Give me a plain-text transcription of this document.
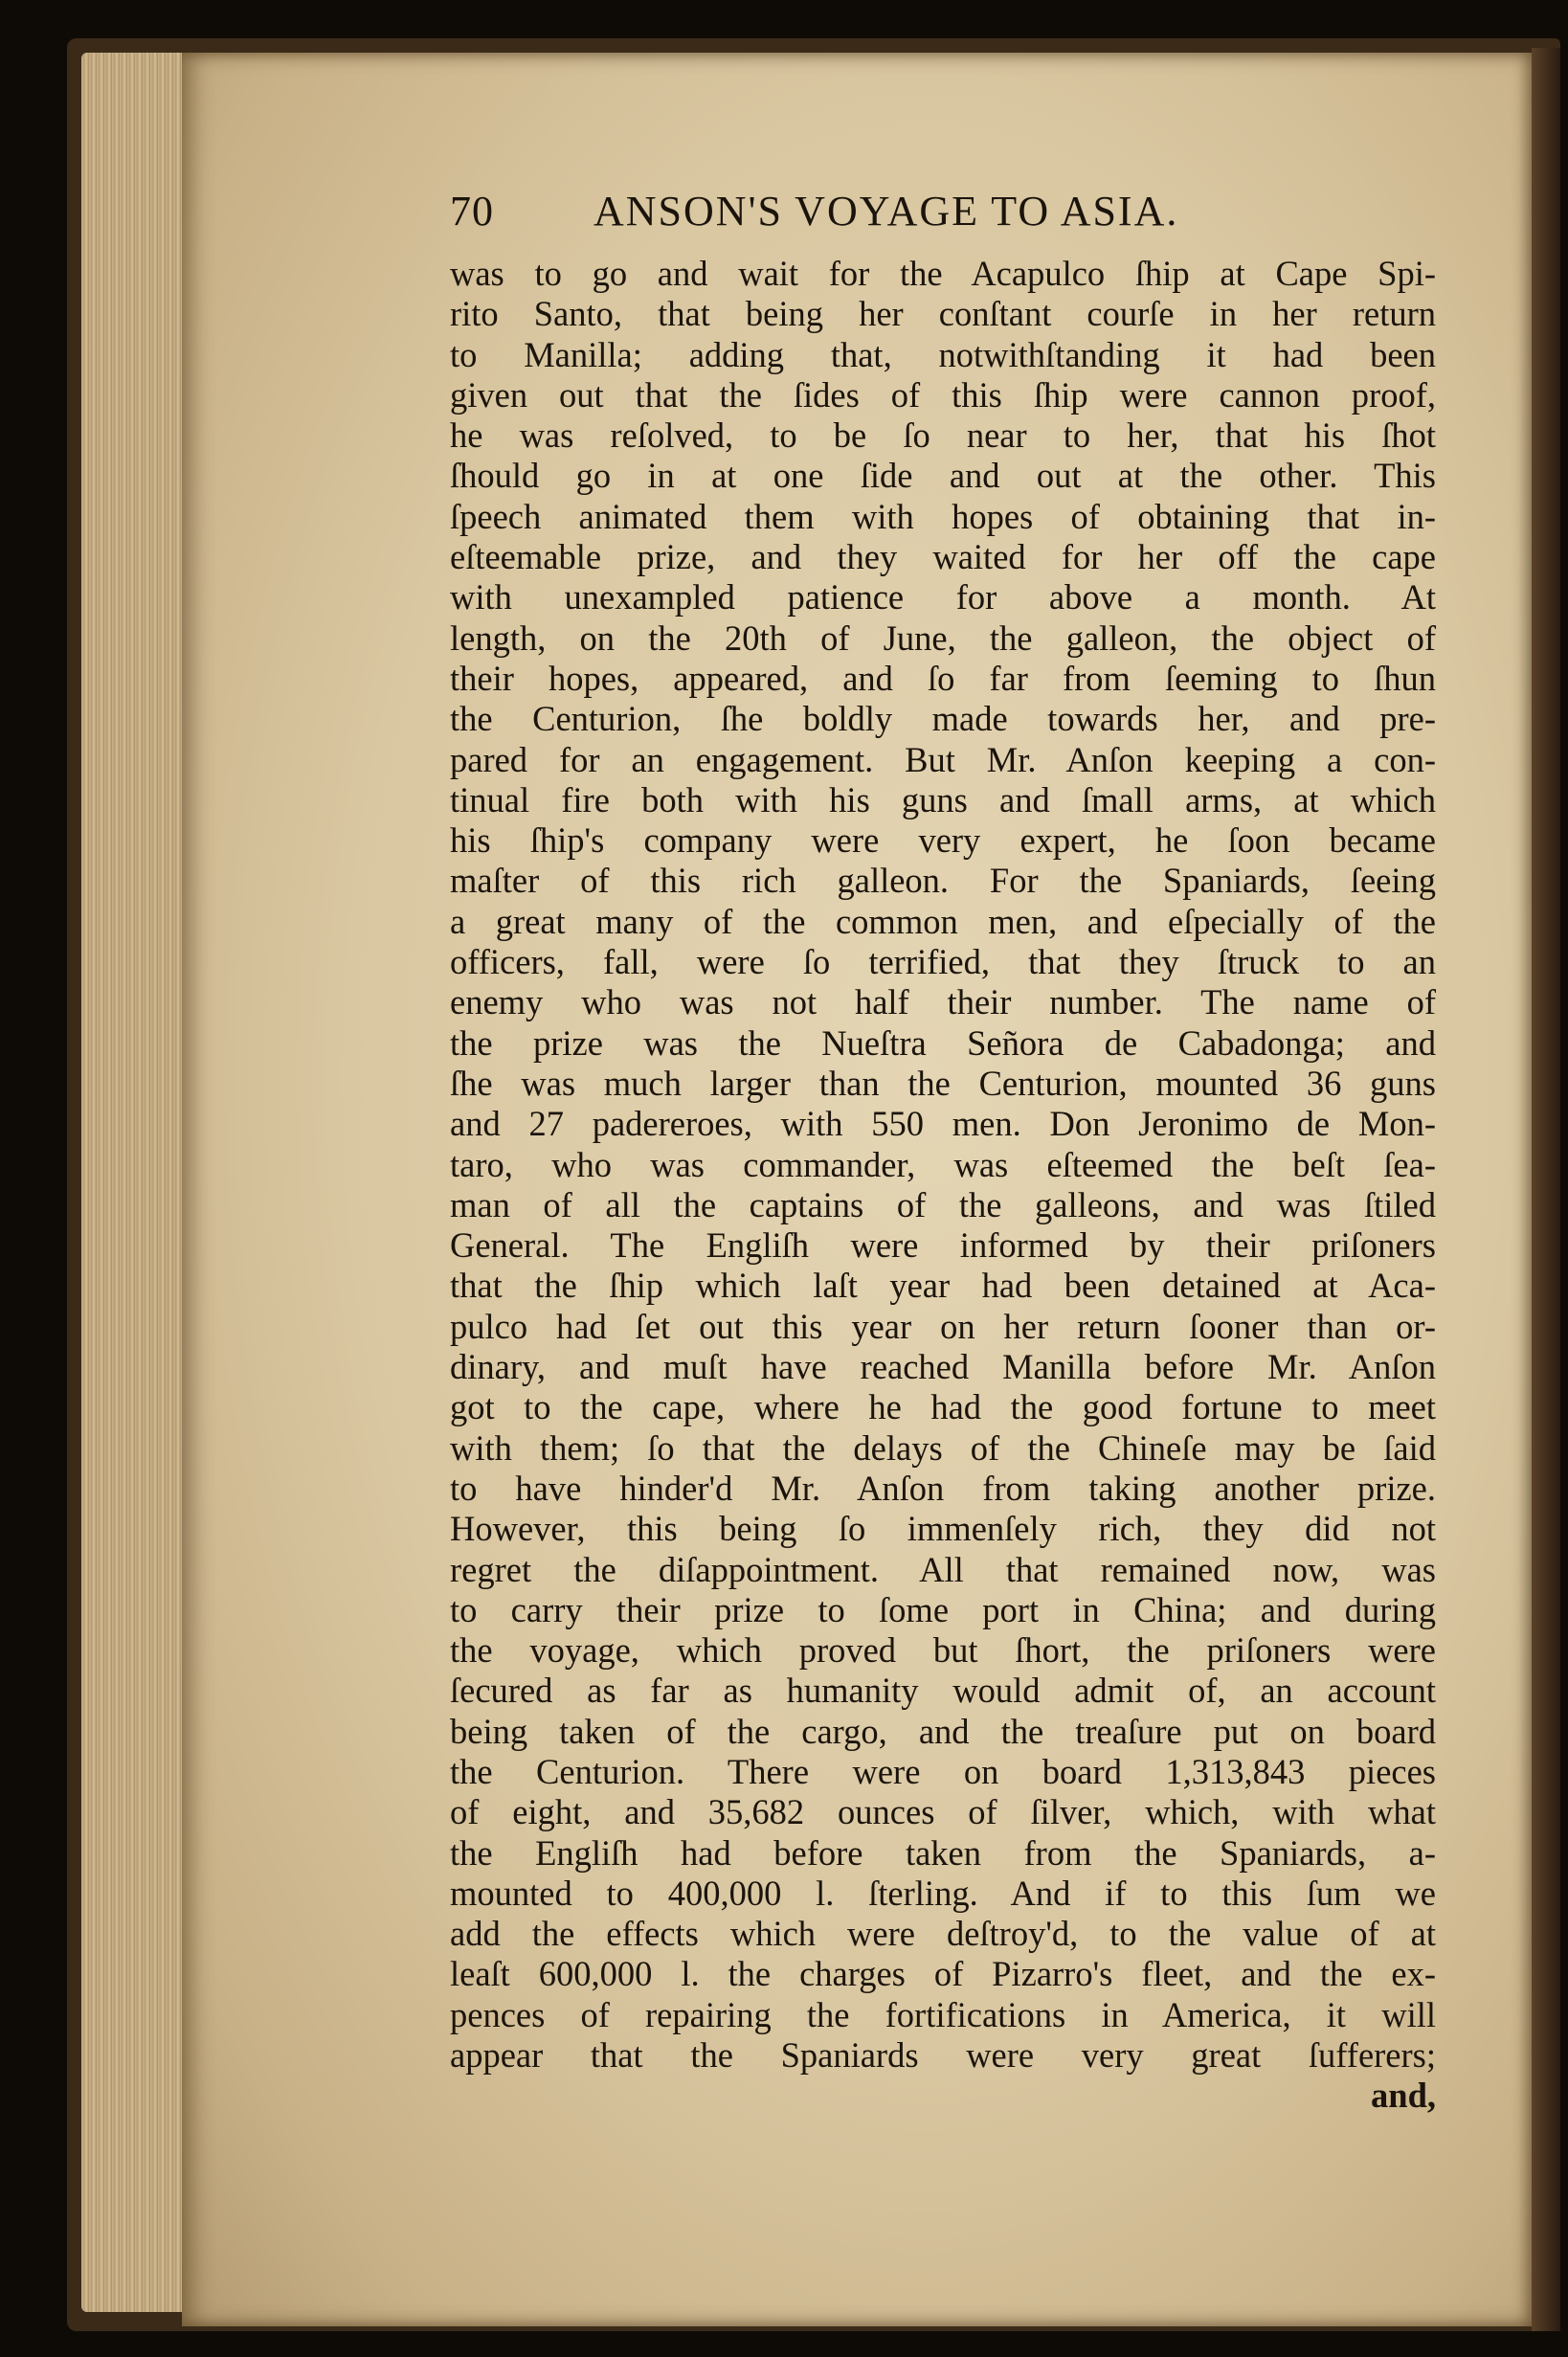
70	ANSON'S VOYAGE TO ASIA.

was to go and wait for the Acapulco ſhip at Cape Spi-

rito Santo, that being her conſtant courſe in her return

to Manilla; adding that, notwithſtanding it had been

given out that the ſides of this ſhip were cannon proof,

he was reſolved, to be ſo near to her, that his ſhot

ſhould go in at one ſide and out at the other. This

ſpeech animated them with hopes of obtaining that in-

eſteemable prize, and they waited for her off the cape

with unexampled patience for above a month. At

length, on the 20th of June, the galleon, the object of

their hopes, appeared, and ſo far from ſeeming to ſhun

the Centurion, ſhe boldly made towards her, and pre-

pared for an engagement. But Mr. Anſon keeping a con-

tinual fire both with his guns and ſmall arms, at which

his ſhip's company were very expert, he ſoon became

maſter of this rich galleon. For the Spaniards, ſeeing

a great many of the common men, and eſpecially of the

officers, fall, were ſo terrified, that they ſtruck to an

enemy who was not half their number. The name of

the prize was the Nueſtra Señora de Cabadonga; and

ſhe was much larger than the Centurion, mounted 36 guns

and 27 padereroes, with 550 men. Don Jeronimo de Mon-

taro, who was commander, was eſteemed the beſt ſea-

man of all the captains of the galleons, and was ſtiled

General. The Engliſh were informed by their priſoners

that the ſhip which laſt year had been detained at Aca-

pulco had ſet out this year on her return ſooner than or-

dinary, and muſt have reached Manilla before Mr. Anſon

got to the cape, where he had the good fortune to meet

with them; ſo that the delays of the Chineſe may be ſaid

to have hinder'd Mr. Anſon from taking another prize.

However, this being ſo immenſely rich, they did not

regret the diſappointment. All that remained now, was

to carry their prize to ſome port in China; and during

the voyage, which proved but ſhort, the priſoners were

ſecured as far as humanity would admit of, an account

being taken of the cargo, and the treaſure put on board

the Centurion. There were on board 1,313,843 pieces

of eight, and 35,682 ounces of ſilver, which, with what

the Engliſh had before taken from the Spaniards, a-

mounted to 400,000 l. ſterling. And if to this ſum we

add the effects which were deſtroy'd, to the value of at

leaſt 600,000 l. the charges of Pizarro's fleet, and the ex-

pences of repairing the fortifications in America, it will

appear that the Spaniards were very great ſufferers;

and,
